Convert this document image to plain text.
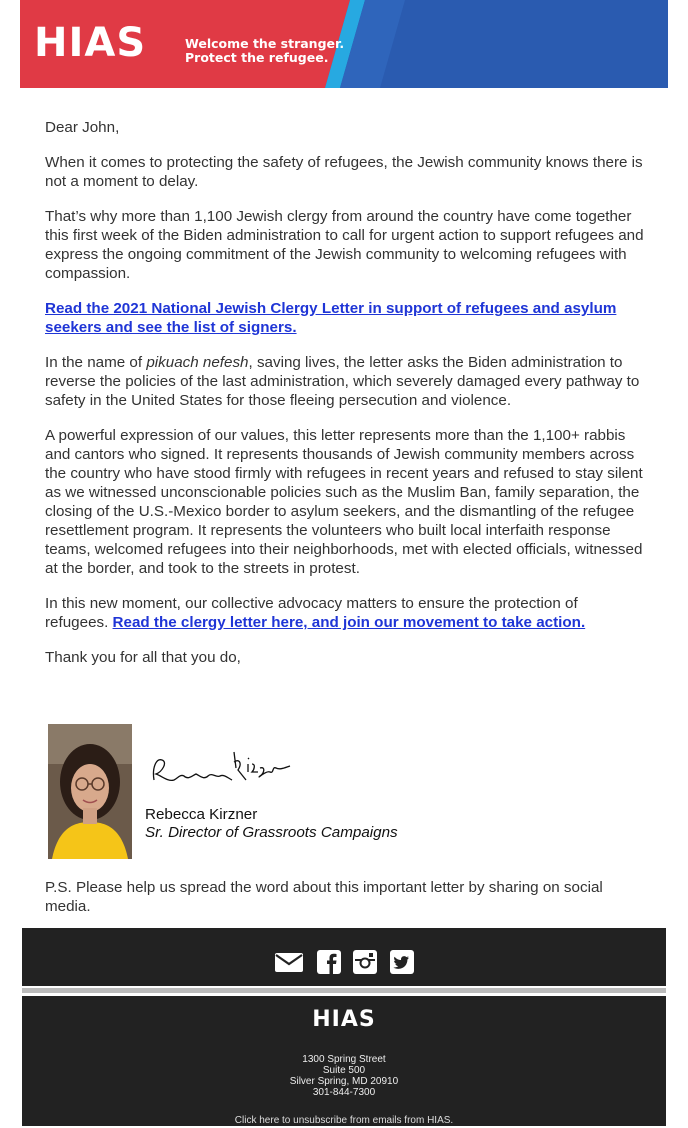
HIAS	Welcome the stranger.
Protect the refugee.

Dear John,

When it comes to protecting the safety of refugees, the Jewish community knows there is not a moment to delay.

That’s why more than 1,100 Jewish clergy from around the country have come together this first week of the Biden administration to call for urgent action to support refugees and express the ongoing commitment of the Jewish community to welcoming refugees with compassion.

Read the 2021 National Jewish Clergy Letter in support of refugees and asylum seekers and see the list of signers.

In the name of pikuach nefesh, saving lives, the letter asks the Biden administration to reverse the policies of the last administration, which severely damaged every pathway to safety in the United States for those fleeing persecution and violence.

A powerful expression of our values, this letter represents more than the 1,100+ rabbis and cantors who signed. It represents thousands of Jewish community members across the country who have stood firmly with refugees in recent years and refused to stay silent as we witnessed unconscionable policies such as the Muslim Ban, family separation, the closing of the U.S.-Mexico border to asylum seekers, and the dismantling of the refugee resettlement program. It represents the volunteers who built local interfaith response teams, welcomed refugees into their neighborhoods, met with elected officials, witnessed at the border, and took to the streets in protest.

In this new moment, our collective advocacy matters to ensure the protection of refugees. Read the clergy letter here, and join our movement to take action.

Thank you for all that you do,

Rebecca Kirzner
Sr. Director of Grassroots Campaigns
P.S. Please help us spread the word about this important letter by sharing on social media.

HIAS
1300 Spring Street
Suite 500
Silver Spring, MD 20910
301-844-7300
Click here to unsubscribe from emails from HIAS.
